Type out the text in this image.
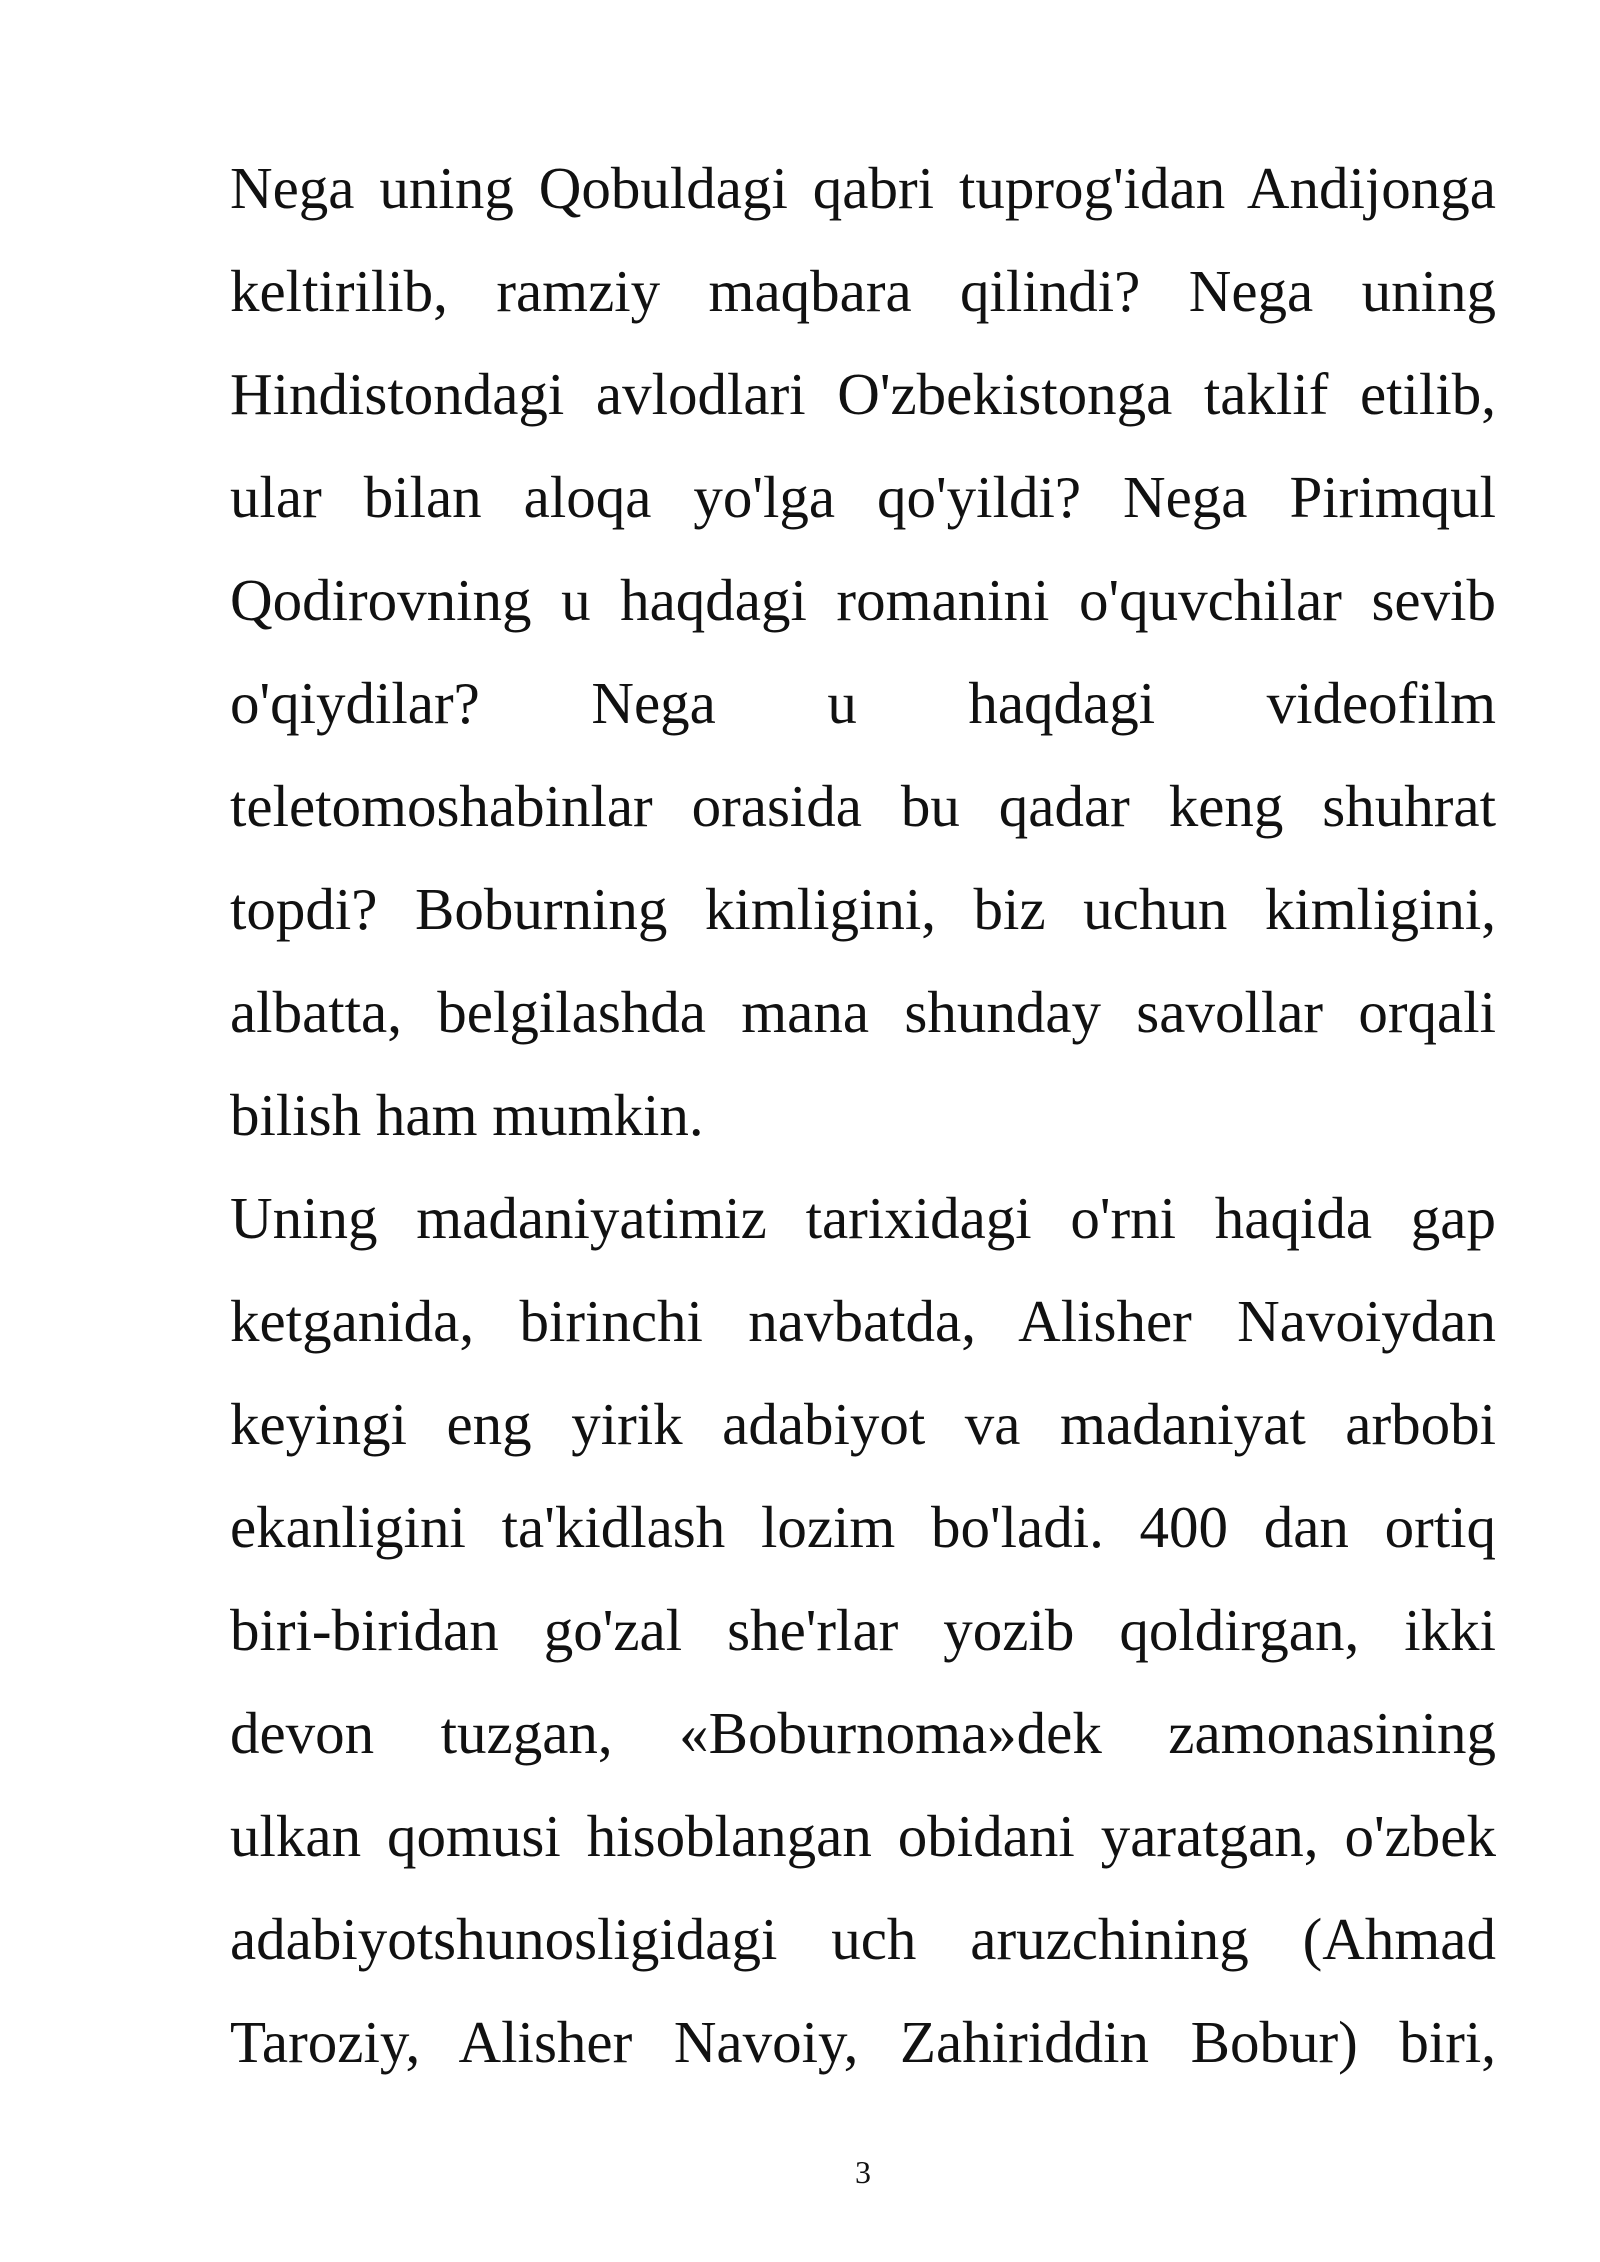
Nega uning Qobuldagi qabri tuprog'idan Andijonga
keltirilib, ramziy maqbara qilindi? Nega uning
Hindistondagi avlodlari O'zbekistonga taklif etilib,
ular bilan aloqa yo'lga qo'yildi? Nega Pirimqul
Qodirovning u haqdagi romanini o'quvchilar sevib
o'qiydilar? Nega u haqdagi videofilm
teletomoshabinlar orasida bu qadar keng shuhrat
topdi? Boburning kimligini, biz uchun kimligini,
albatta, belgilashda mana shunday savollar orqali
bilish ham mumkin.
Uning madaniyatimiz tarixidagi o'rni haqida gap
ketganida, birinchi navbatda, Alisher Navoiydan
keyingi eng yirik adabiyot va madaniyat arbobi
ekanligini ta'kidlash lozim bo'ladi. 400 dan ortiq
biri-biridan go'zal she'rlar yozib qoldirgan, ikki
devon tuzgan, «Boburnoma»dek zamonasining
ulkan qomusi hisoblangan obidani yaratgan, o'zbek
adabiyotshunosligidagi uch aruzchining (Ahmad
Taroziy, Alisher Navoiy, Zahiriddin Bobur) biri,
3
